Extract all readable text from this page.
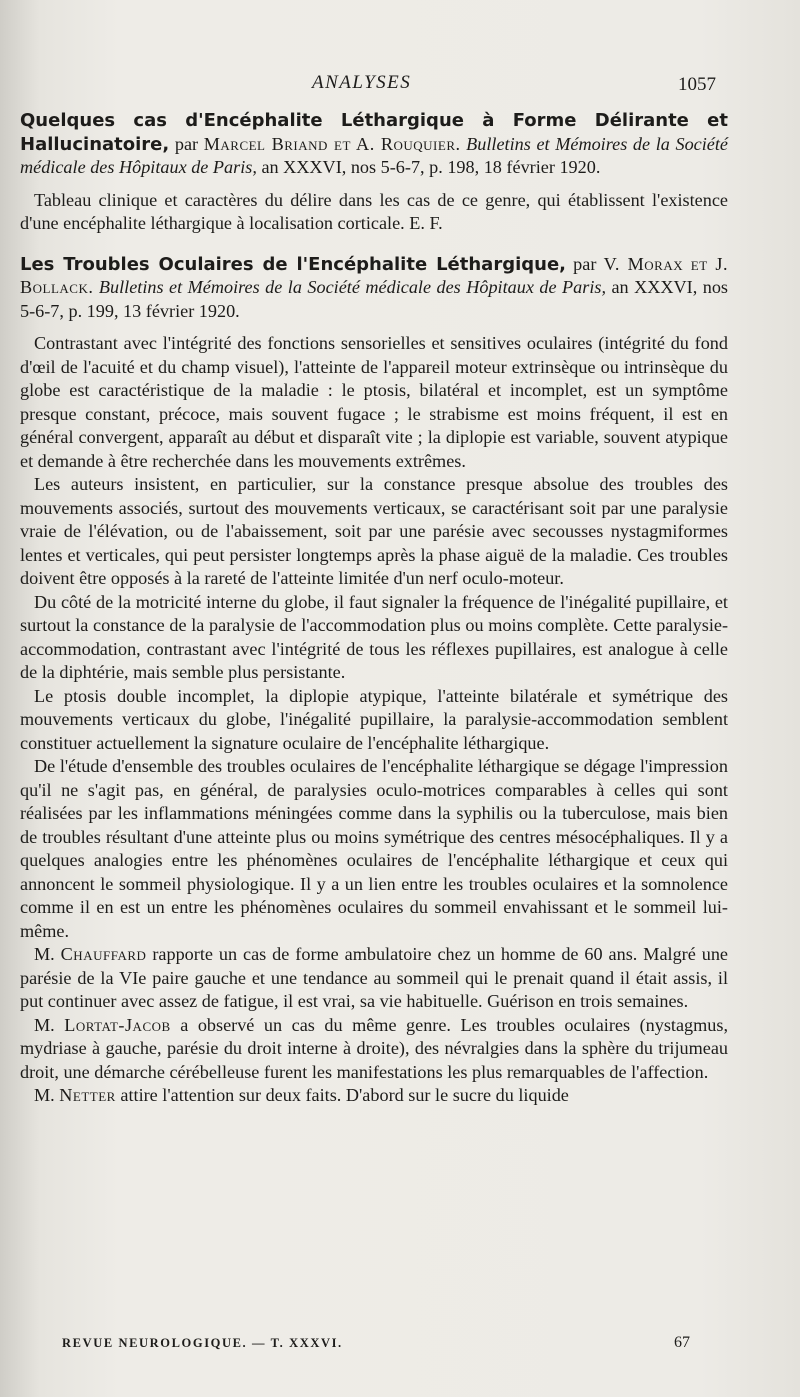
ANALYSES	1057

Quelques cas d'Encéphalite Léthargique à Forme Délirante et Hallucinatoire, par Marcel Briand et A. Rouquier. Bulletins et Mémoires de la Société médicale des Hôpitaux de Paris, an XXXVI, nos 5-6-7, p. 198, 18 février 1920.

Tableau clinique et caractères du délire dans les cas de ce genre, qui établissent l'existence d'une encéphalite léthargique à localisation corticale. E. F.

Les Troubles Oculaires de l'Encéphalite Léthargique, par V. Morax et J. Bollack. Bulletins et Mémoires de la Société médicale des Hôpitaux de Paris, an XXXVI, nos 5-6-7, p. 199, 13 février 1920.

Contrastant avec l'intégrité des fonctions sensorielles et sensitives oculaires (intégrité du fond d'œil de l'acuité et du champ visuel), l'atteinte de l'appareil moteur extrinsèque ou intrinsèque du globe est caractéristique de la maladie : le ptosis, bilatéral et incomplet, est un symptôme presque constant, précoce, mais souvent fugace ; le strabisme est moins fréquent, il est en général convergent, apparaît au début et disparaît vite ; la diplopie est variable, souvent atypique et demande à être recherchée dans les mouvements extrêmes.

Les auteurs insistent, en particulier, sur la constance presque absolue des troubles des mouvements associés, surtout des mouvements verticaux, se caractérisant soit par une paralysie vraie de l'élévation, ou de l'abaissement, soit par une parésie avec secousses nystagmiformes lentes et verticales, qui peut persister longtemps après la phase aiguë de la maladie. Ces troubles doivent être opposés à la rareté de l'atteinte limitée d'un nerf oculo-moteur.

Du côté de la motricité interne du globe, il faut signaler la fréquence de l'inégalité pupillaire, et surtout la constance de la paralysie de l'accommodation plus ou moins complète. Cette paralysie-accommodation, contrastant avec l'intégrité de tous les réflexes pupillaires, est analogue à celle de la diphtérie, mais semble plus persistante.

Le ptosis double incomplet, la diplopie atypique, l'atteinte bilatérale et symétrique des mouvements verticaux du globe, l'inégalité pupillaire, la paralysie-accommodation semblent constituer actuellement la signature oculaire de l'encéphalite léthargique.

De l'étude d'ensemble des troubles oculaires de l'encéphalite léthargique se dégage l'impression qu'il ne s'agit pas, en général, de paralysies oculo-motrices comparables à celles qui sont réalisées par les inflammations méningées comme dans la syphilis ou la tuberculose, mais bien de troubles résultant d'une atteinte plus ou moins symétrique des centres mésocéphaliques. Il y a quelques analogies entre les phénomènes oculaires de l'encéphalite léthargique et ceux qui annoncent le sommeil physiologique. Il y a un lien entre les troubles oculaires et la somnolence comme il en est un entre les phénomènes oculaires du sommeil envahissant et le sommeil lui-même.

M. Chauffard rapporte un cas de forme ambulatoire chez un homme de 60 ans. Malgré une parésie de la VIe paire gauche et une tendance au sommeil qui le prenait quand il était assis, il put continuer avec assez de fatigue, il est vrai, sa vie habituelle. Guérison en trois semaines.

M. Lortat-Jacob a observé un cas du même genre. Les troubles oculaires (nystagmus, mydriase à gauche, parésie du droit interne à droite), des névralgies dans la sphère du trijumeau droit, une démarche cérébelleuse furent les manifestations les plus remarquables de l'affection.

M. Netter attire l'attention sur deux faits. D'abord sur le sucre du liquide

REVUE NEUROLOGIQUE. — T. XXXVI.	67
